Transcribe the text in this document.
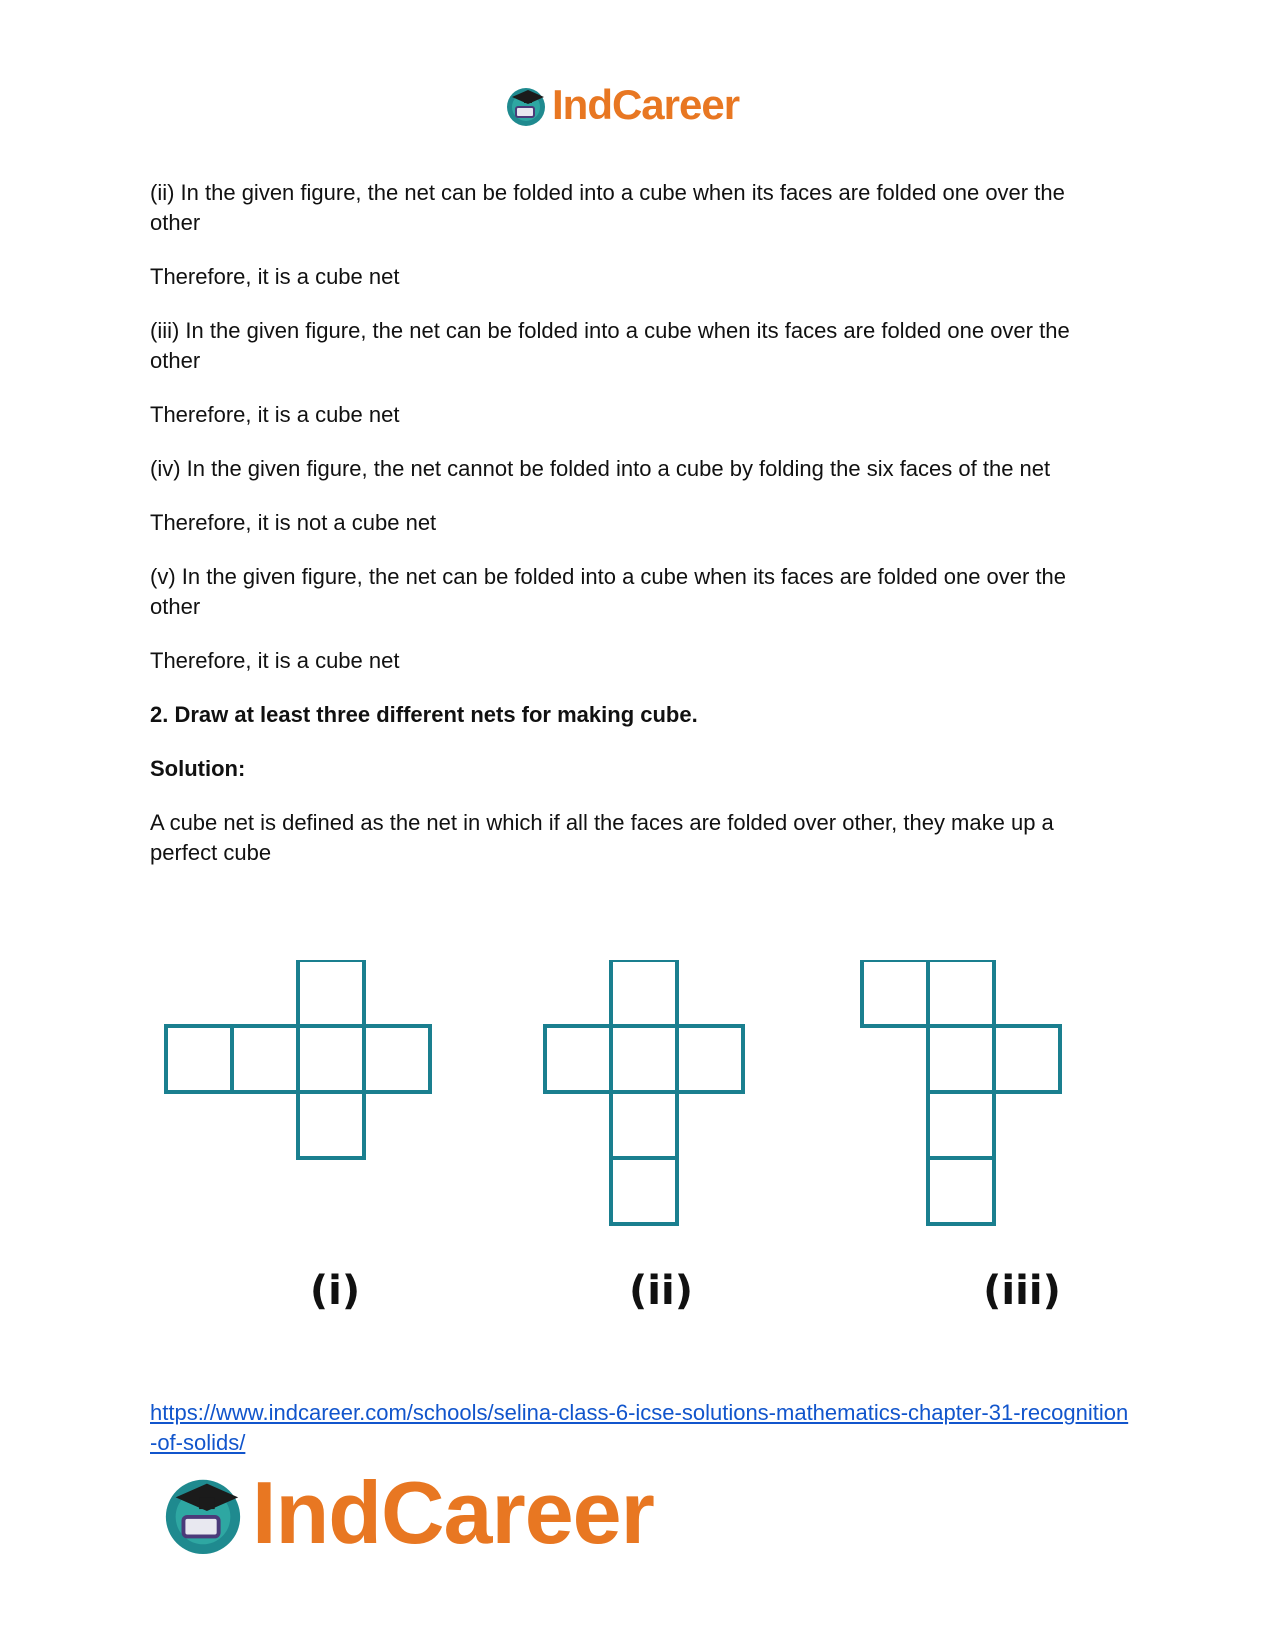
IndCareer

(ii) In the given figure, the net can be folded into a cube when its faces are folded one over the other

Therefore, it is a cube net

(iii) In the given figure, the net can be folded into a cube when its faces are folded one over the other

Therefore, it is a cube net

(iv) In the given figure, the net cannot be folded into a cube by folding the six faces of the net

Therefore, it is not a cube net

(v) In the given figure, the net can be folded into a cube when its faces are folded one over the other

Therefore, it is a cube net

2. Draw at least three different nets for making cube.

Solution:

A cube net is defined as the net in which if all the faces are folded over other, they make up a perfect cube

(i)	(ii)	(iii)
https://www.indcareer.com/schools/selina-class-6-icse-solutions-mathematics-chapter-31-recognition-of-solids/
IndCareer
